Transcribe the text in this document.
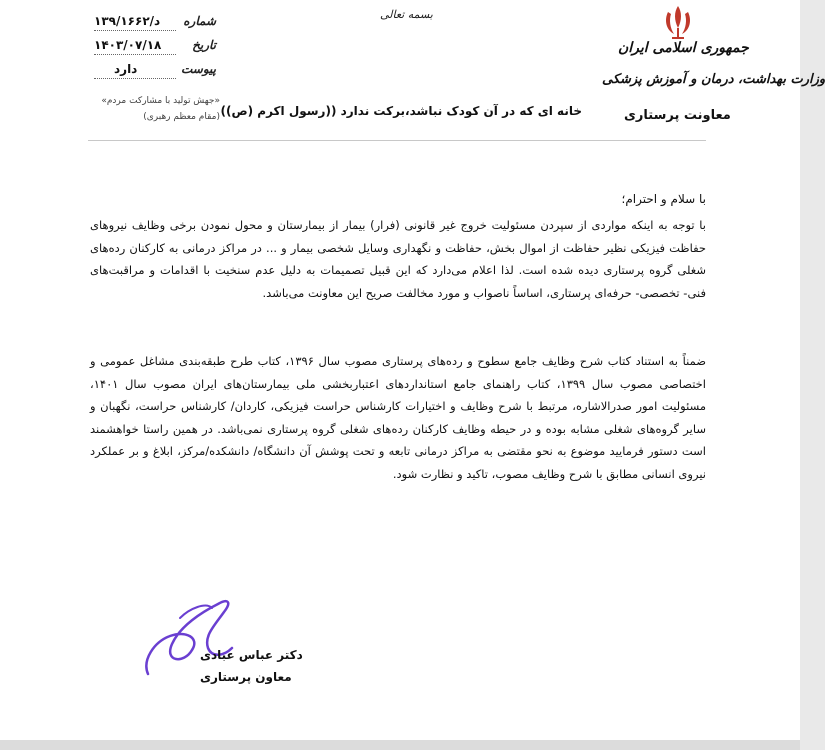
جمهوری اسلامی ایران
وزارت بهداشت، درمان و آموزش پزشکی
معاونت پرستاری
بسمه تعالی
شماره
د/۱۳۹/۱۶۶۲
تاریخ
۱۴۰۳/۰۷/۱۸
پیوست
دارد
«جهش تولید با مشارکت مردم»
(مقام معظم رهبری) خانه ای که در آن کودک نباشد،برکت ندارد ((رسول اکرم (ص))
با سلام و احترام؛
با توجه به اینکه مواردی از سپردن مسئولیت خروج غیر قانونی (فرار) بیمار از بیمارستان و محول نمودن برخی وظایف نیروهای حفاظت فیزیکی نظیر حفاظت از اموال بخش، حفاظت و نگهداری وسایل شخصی بیمار و ... در مراکز درمانی به کارکنان رده‌های شغلی گروه پرستاری دیده شده است. لذا اعلام می‌دارد که این قبیل تصمیمات به دلیل عدم سنخیت با اقدامات و مراقبت‌های فنی- تخصصی- حرفه‌ای پرستاری، اساساً ناصواب و مورد مخالفت صریح این معاونت می‌باشد.
ضمناً به استناد کتاب شرح وظایف جامع سطوح و رده‌های پرستاری مصوب سال ۱۳۹۶، کتاب طرح طبقه‌بندی مشاغل عمومی و اختصاصی مصوب سال ۱۳۹۹، کتاب راهنمای جامع استانداردهای اعتباربخشی ملی بیمارستان‌های ایران مصوب سال ۱۴۰۱، مسئولیت امور صدرالاشاره، مرتبط با شرح وظایف و اختیارات کارشناس حراست فیزیکی، کاردان/ کارشناس حراست، نگهبان و سایر گروه‌های شغلی مشابه بوده و در حیطه وظایف کارکنان رده‌های شغلی گروه پرستاری نمی‌باشد. در همین راستا خواهشمند است دستور فرمایید موضوع به نحو مقتضی به مراکز درمانی تابعه و تحت پوشش آن دانشگاه/ دانشکده/مرکز، ابلاغ و بر عملکرد نیروی انسانی مطابق با شرح وظایف مصوب، تاکید و نظارت شود.
دکتر عباس عبادی
معاون پرستاری
